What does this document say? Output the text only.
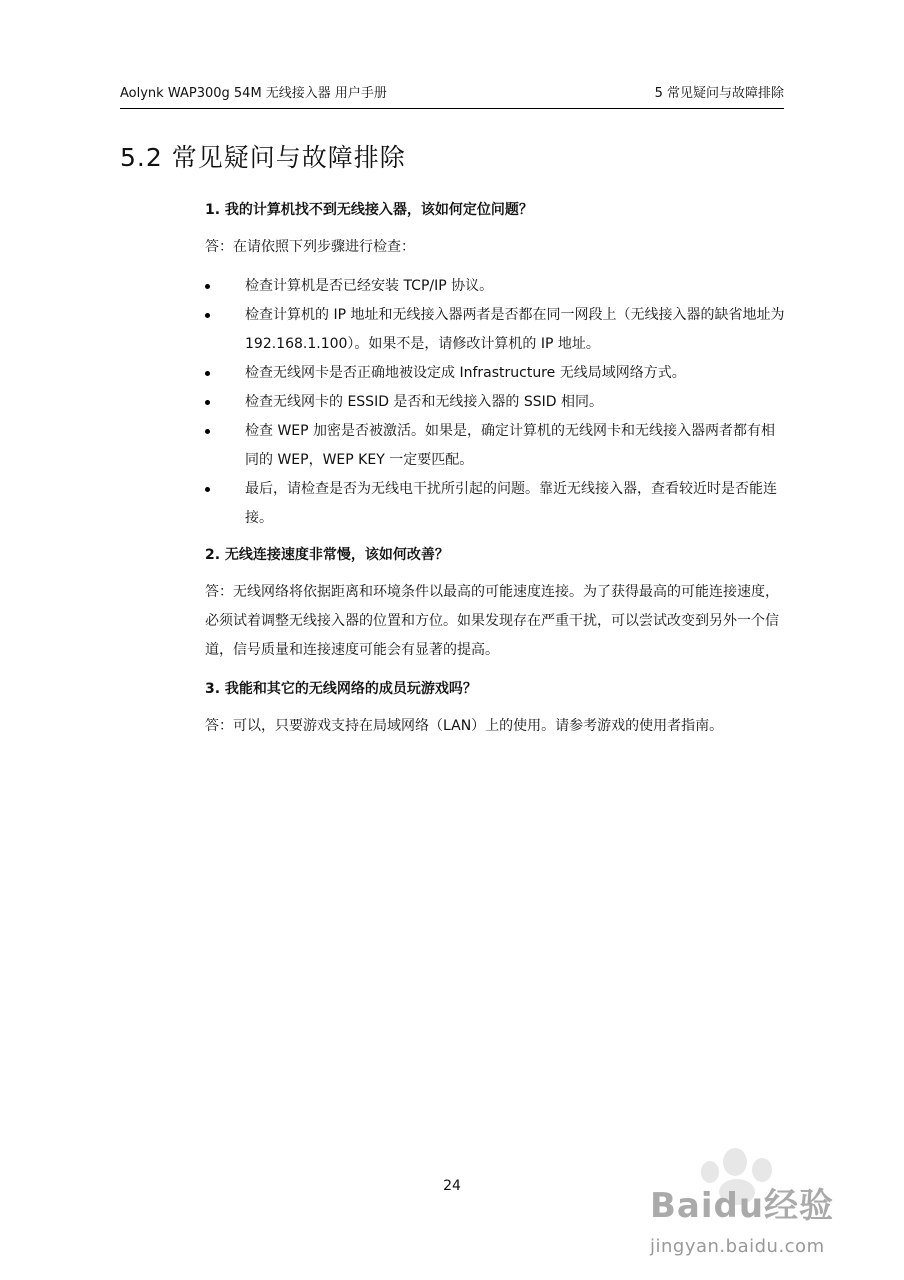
Aolynk WAP300g 54M 无线接入器 用户手册	5 常见疑问与故障排除
5.2 常见疑问与故障排除

1. 我的计算机找不到无线接入器，该如何定位问题？

答：在请依照下列步骤进行检查：

检查计算机是否已经安装 TCP/IP 协议。
检查计算机的 IP 地址和无线接入器两者是否都在同一网段上（无线接入器的缺省地址为 192.168.1.100）。如果不是，请修改计算机的 IP 地址。
检查无线网卡是否正确地被设定成 Infrastructure 无线局域网络方式。
检查无线网卡的 ESSID 是否和无线接入器的 SSID 相同。
检查 WEP 加密是否被激活。如果是，确定计算机的无线网卡和无线接入器两者都有相同的 WEP，WEP KEY 一定要匹配。
最后，请检查是否为无线电干扰所引起的问题。靠近无线接入器，查看较近时是否能连接。

2. 无线连接速度非常慢，该如何改善？

答：无线网络将依据距离和环境条件以最高的可能速度连接。为了获得最高的可能连接速度，必须试着调整无线接入器的位置和方位。如果发现存在严重干扰，可以尝试改变到另外一个信道，信号质量和连接速度可能会有显著的提高。

3. 我能和其它的无线网络的成员玩游戏吗？

答：可以，只要游戏支持在局域网络（LAN）上的使用。请参考游戏的使用者指南。

24	Baidu经验
jingyan.baidu.com
